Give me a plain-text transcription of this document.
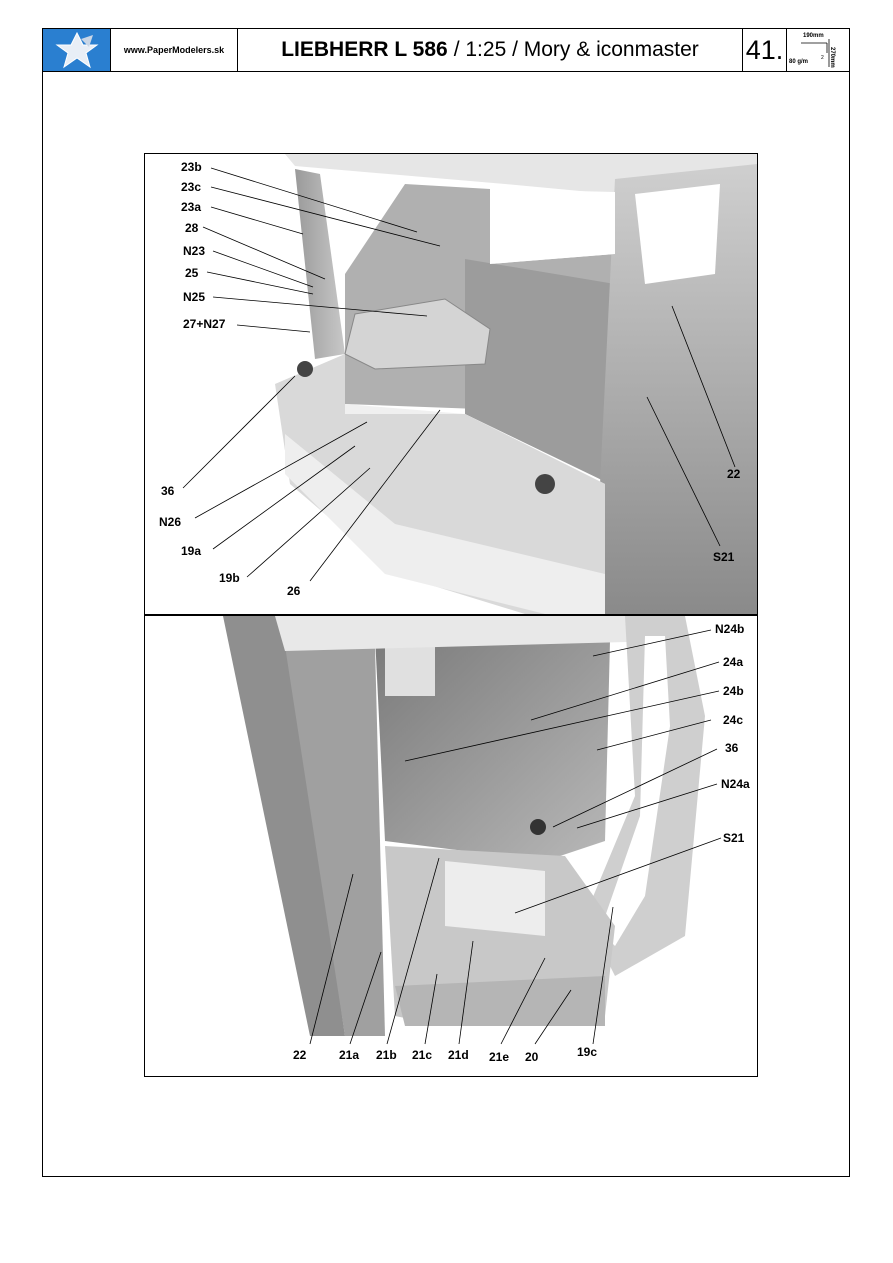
www.PaperModelers.sk	LIEBHERR L 586 / 1:25 / Mory & iconmaster 41.	190mm
80 g/m
2 270mm
23b
23c
23a
28
N23
25
N25
27+N27
36
N26
19a
19b
26
22
S21
N24b
24a
24b
24c
36
N24a
S21
22	21a 21b 21c 21d 21e 20	19c
